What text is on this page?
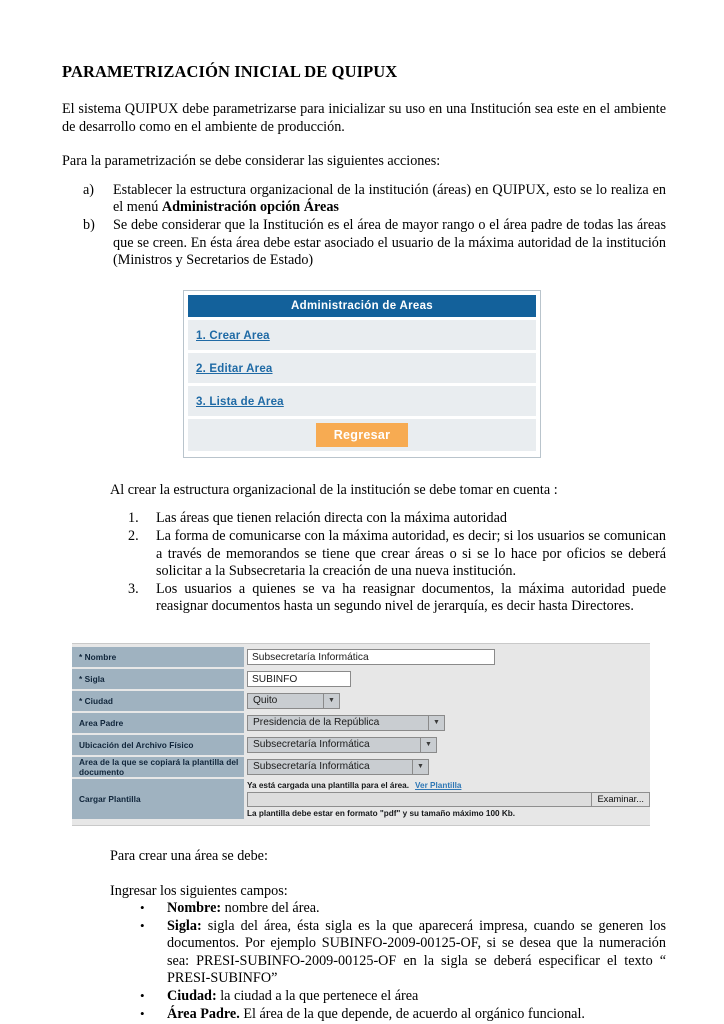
PARAMETRIZACIÓN INICIAL DE QUIPUX

El sistema QUIPUX debe parametrizarse para inicializar su uso en una Institución sea este en el ambiente de desarrollo como en el ambiente de producción.

Para la parametrización se debe considerar las siguientes acciones:

a)	Establecer la estructura organizacional de la institución (áreas) en QUIPUX, esto se lo realiza en el menú Administración opción Áreas
b)	Se debe considerar que la Institución es el área de mayor rango o el área padre de todas las áreas que se creen. En ésta área debe estar asociado el usuario de la máxima autoridad de la institución (Ministros y Secretarios de Estado)
Administración de Areas
1. Crear Area
2. Editar Area
3. Lista de Area
Regresar

Al crear la estructura organizacional de la institución se debe tomar en cuenta :

1.	Las áreas que tienen relación directa con la máxima autoridad
2.	La forma de comunicarse con la máxima autoridad, es decir; si los usuarios se comunican a través de memorandos se tiene que crear áreas o si se lo hace por oficios se deberá solicitar a la Subsecretaria la creación de una nueva institución.
3.	Los usuarios a quienes se va ha reasignar documentos, la máxima autoridad puede reasignar documentos hasta un segundo nivel de jerarquía, es decir hasta Directores.
* Nombre	Subsecretaría Informática
* Sigla	SUBINFO
* Ciudad	Quito	▼
Area Padre	Presidencia de la República	▼
Ubicación del Archivo Físico	Subsecretaría Informática	▼
Area de la que se copiará la plantilla del documento	Subsecretaría Informática	▼
Cargar Plantilla
Ya está cargada una plantilla para el área. Ver Plantilla
Examinar...
La plantilla debe estar en formato "pdf" y su tamaño máximo 100 Kb.

Para crear una área se debe:

Ingresar los siguientes campos:

• Nombre: nombre del área.
• Sigla: sigla del área, ésta sigla es la que aparecerá impresa, cuando se generen los documentos. Por ejemplo SUBINFO-2009-00125-OF, si se desea que la numeración sea: PRESI-SUBINFO-2009-00125-OF en la sigla se deberá especificar el texto “ PRESI-SUBINFO”
• Ciudad: la ciudad a la que pertenece el área
• Área Padre. El área de la que depende, de acuerdo al orgánico funcional.
